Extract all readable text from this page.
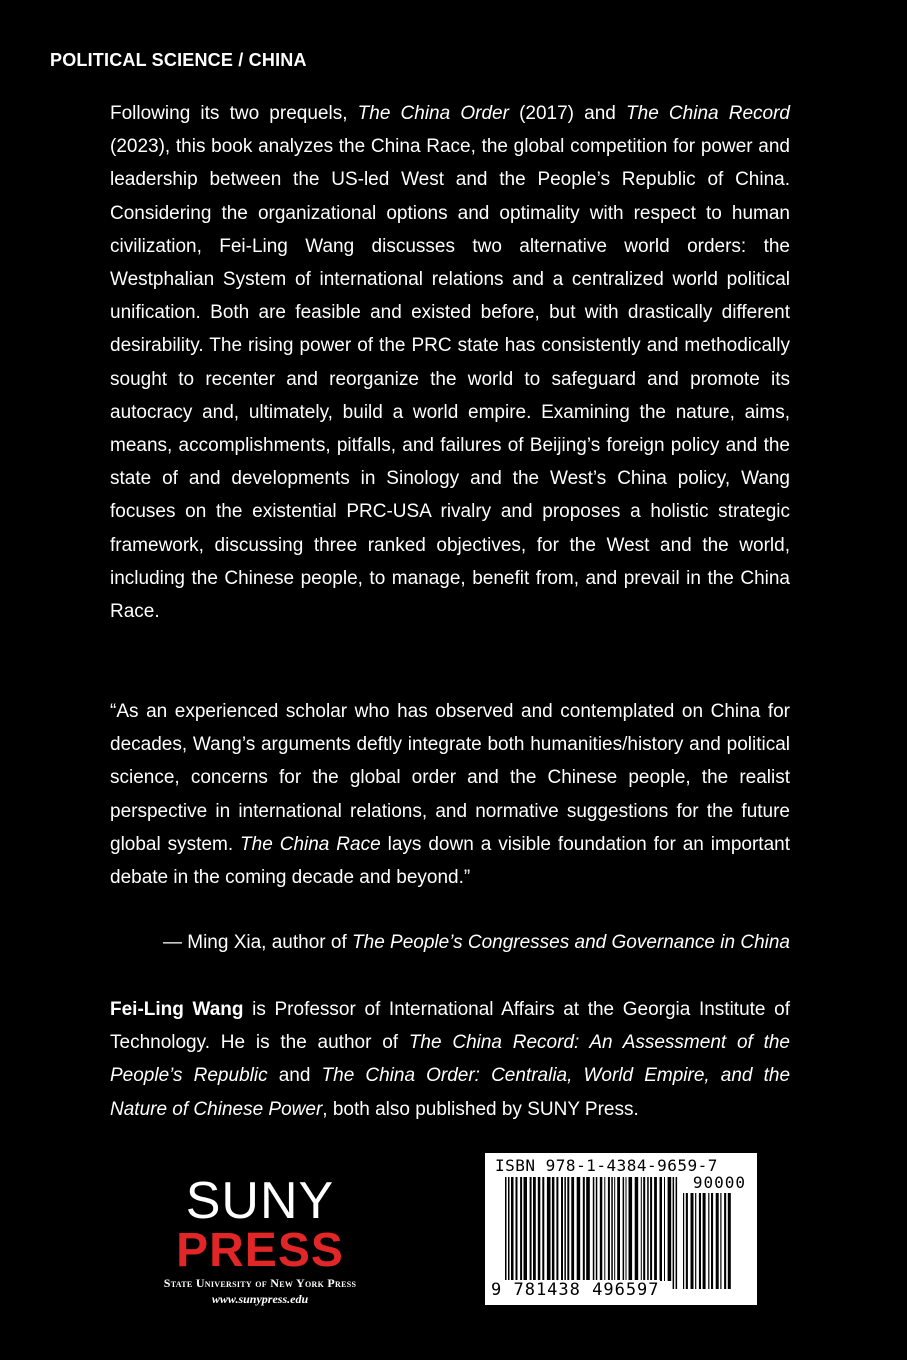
POLITICAL SCIENCE / CHINA
Following its two prequels, The China Order (2017) and The China Record (2023), this book analyzes the China Race, the global competition for power and leadership between the US-led West and the People’s Republic of China. Considering the organizational options and optimality with respect to human civilization, Fei-Ling Wang discusses two alternative world orders: the Westphalian System of international relations and a centralized world political unification. Both are feasible and existed before, but with drastically different desirability. The rising power of the PRC state has consistently and methodically sought to recenter and reorganize the world to safeguard and promote its autocracy and, ultimately, build a world empire. Examining the nature, aims, means, accomplishments, pitfalls, and failures of Beijing’s foreign policy and the state of and developments in Sinology and the West’s China policy, Wang focuses on the existential PRC-USA rivalry and proposes a holistic strategic framework, discussing three ranked objectives, for the West and the world, including the Chinese people, to manage, benefit from, and prevail in the China Race.
“As an experienced scholar who has observed and contemplated on China for decades, Wang’s arguments deftly integrate both humanities/history and political science, concerns for the global order and the Chinese people, the realist perspective in international relations, and normative suggestions for the future global system. The China Race lays down a visible foundation for an important debate in the coming decade and beyond.”
— Ming Xia, author of The People’s Congresses and Governance in China
Fei-Ling Wang is Professor of International Affairs at the Georgia Institute of Technology. He is the author of The China Record: An Assessment of the People’s Republic and The China Order: Centralia, World Empire, and the Nature of Chinese Power, both also published by SUNY Press.
SUNY
PRESS
State University of New York Press
www.sunypress.edu
ISBN 978-1-4384-9659-7
90000
9 781438 496597
